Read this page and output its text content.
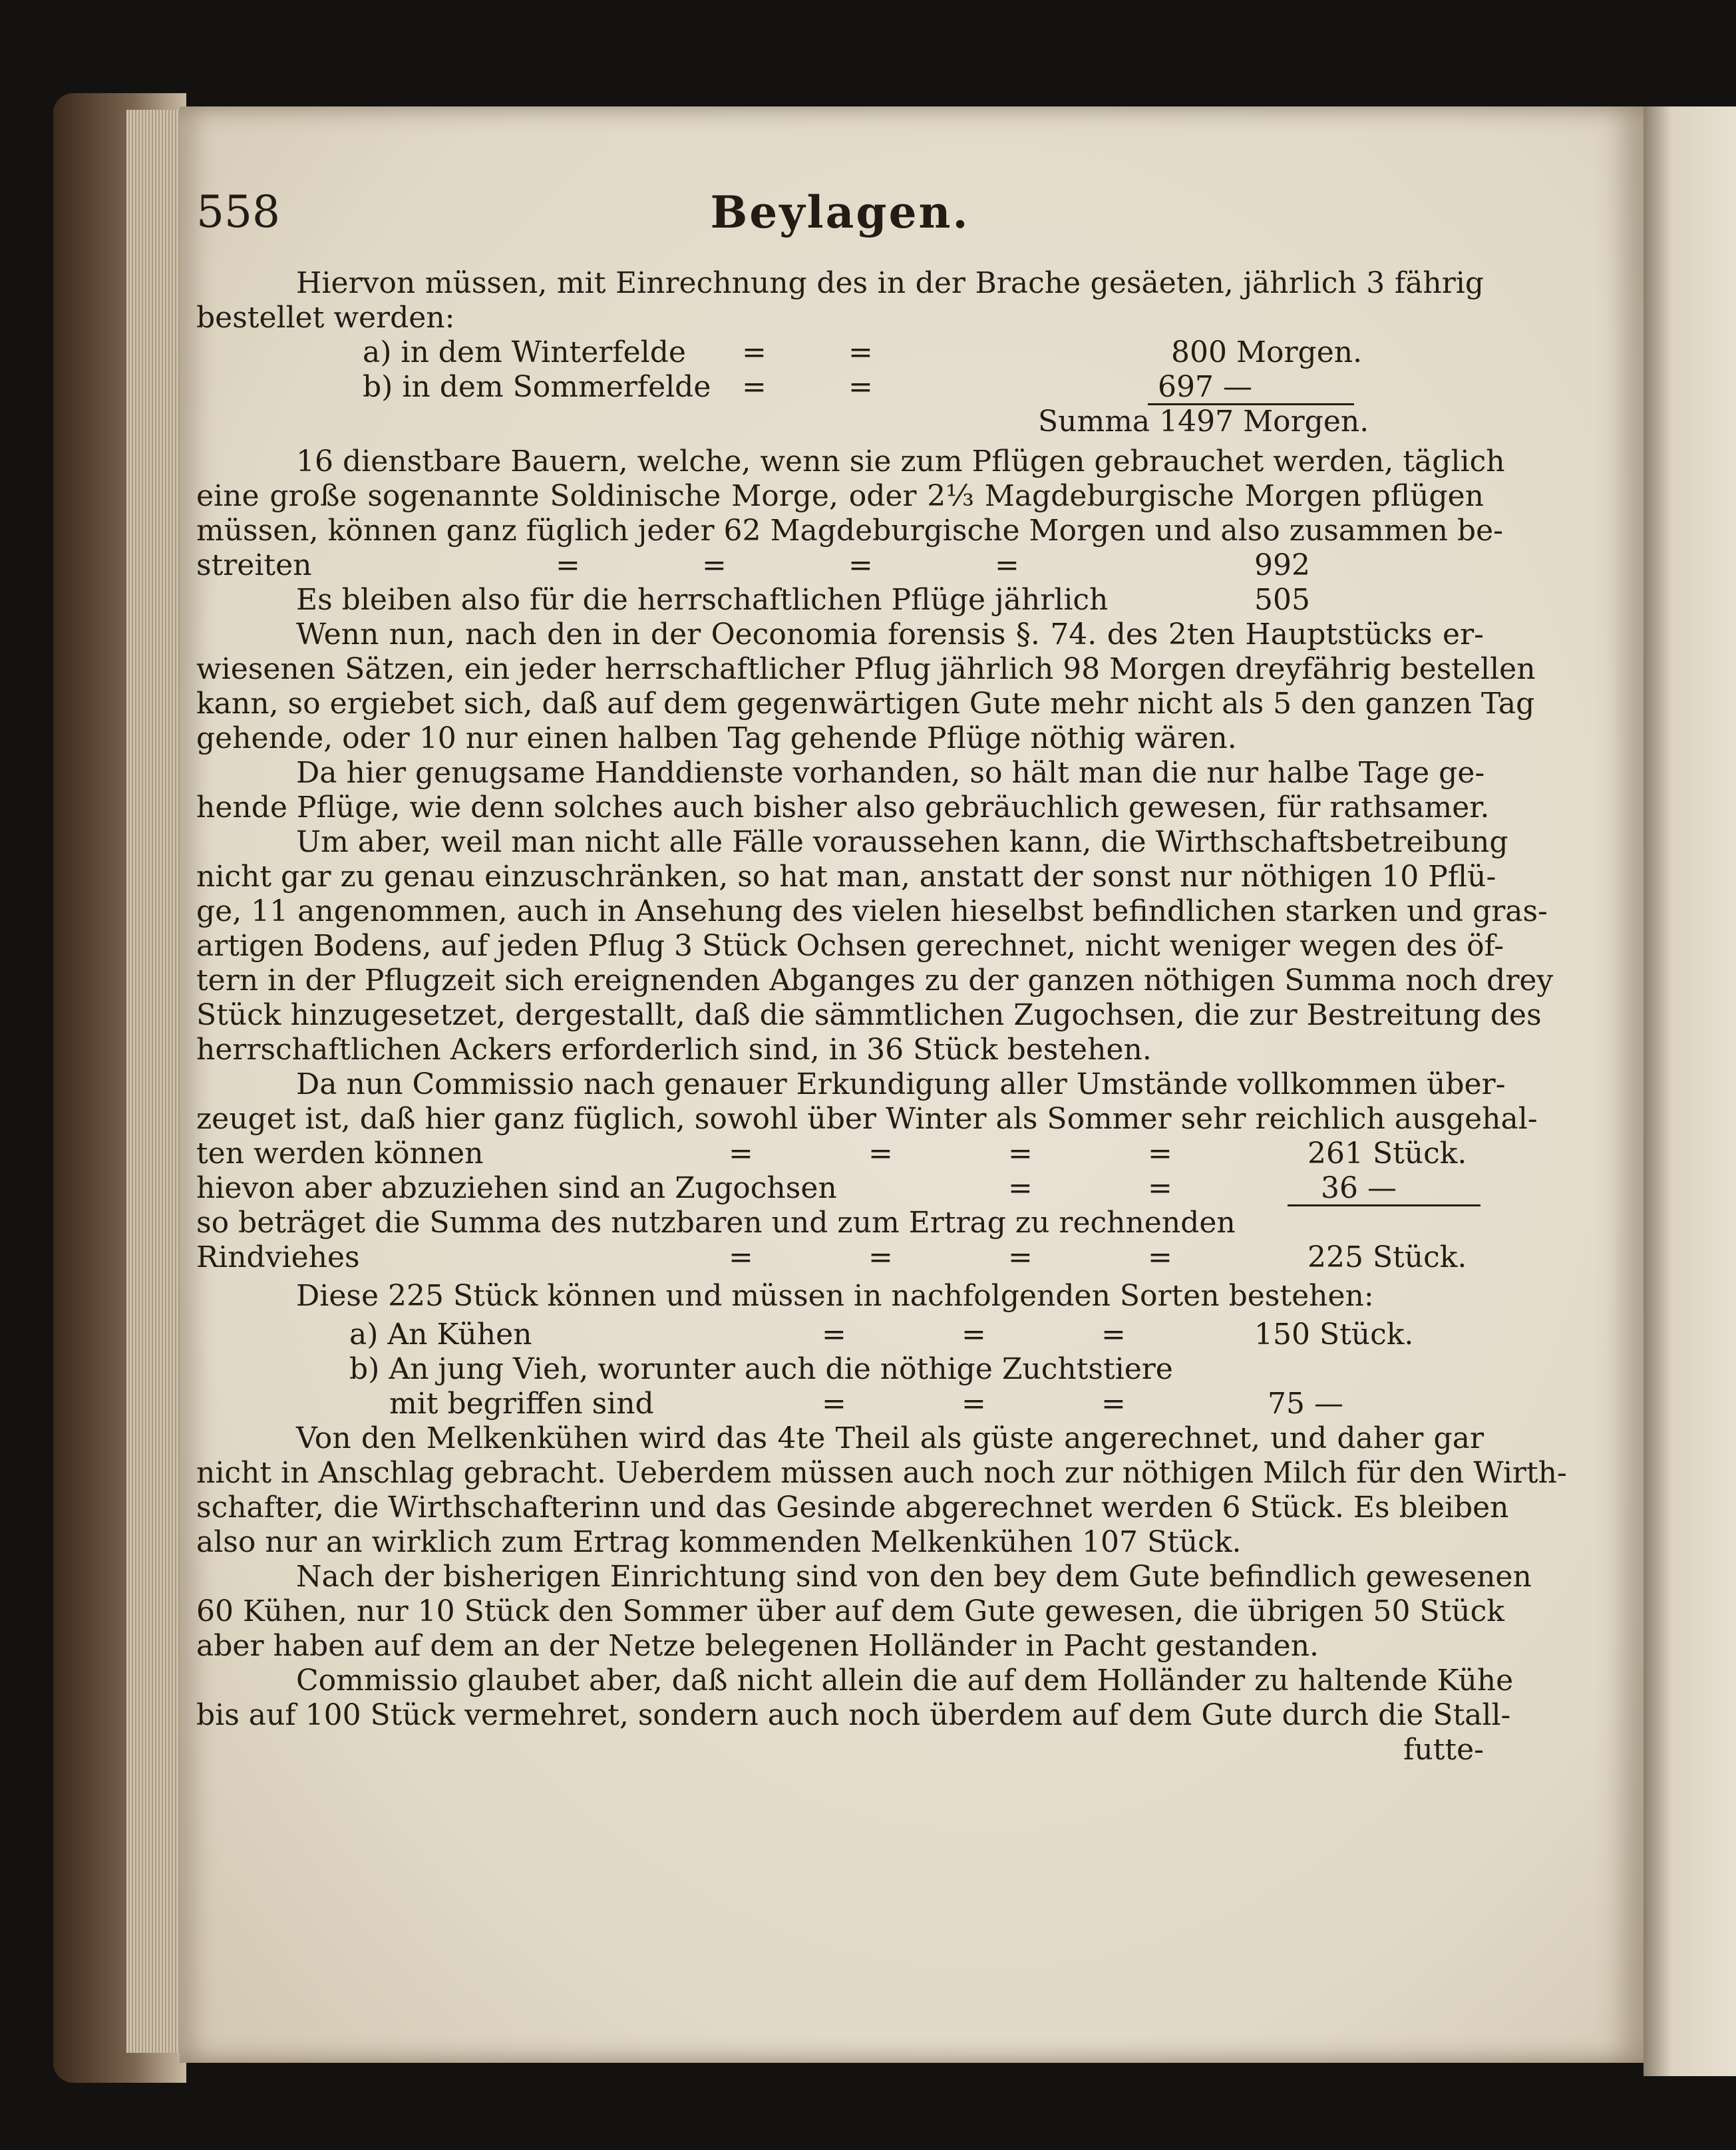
558	Beylagen.
Hiervon müssen, mit Einrechnung des in der Brache gesäeten, jährlich 3 fährig
bestellet werden:
a) in dem Winterfelde =	=	800 Morgen.
b) in dem Sommerfelde =	=	697 —
Summa 1497 Morgen.
16 dienstbare Bauern, welche, wenn sie zum Pflügen gebrauchet werden, täglich
eine große sogenannte Soldinische Morge, oder 2⅓ Magdeburgische Morgen pflügen
müssen, können ganz füglich jeder 62 Magdeburgische Morgen und also zusammen be-
streiten	=	=	=	=	992
Es bleiben also für die herrschaftlichen Pflüge jährlich	505
Wenn nun, nach den in der Oeconomia forensis §. 74. des 2ten Hauptstücks er-
wiesenen Sätzen, ein jeder herrschaftlicher Pflug jährlich 98 Morgen dreyfährig bestellen
kann, so ergiebet sich, daß auf dem gegenwärtigen Gute mehr nicht als 5 den ganzen Tag
gehende, oder 10 nur einen halben Tag gehende Pflüge nöthig wären.
Da hier genugsame Handdienste vorhanden, so hält man die nur halbe Tage ge-
hende Pflüge, wie denn solches auch bisher also gebräuchlich gewesen, für rathsamer.
Um aber, weil man nicht alle Fälle voraussehen kann, die Wirthschaftsbetreibung
nicht gar zu genau einzuschränken, so hat man, anstatt der sonst nur nöthigen 10 Pflü-
ge, 11 angenommen, auch in Ansehung des vielen hieselbst befindlichen starken und gras-
artigen Bodens, auf jeden Pflug 3 Stück Ochsen gerechnet, nicht weniger wegen des öf-
tern in der Pflugzeit sich ereignenden Abganges zu der ganzen nöthigen Summa noch drey
Stück hinzugesetzet, dergestallt, daß die sämmtlichen Zugochsen, die zur Bestreitung des
herrschaftlichen Ackers erforderlich sind, in 36 Stück bestehen.
Da nun Commissio nach genauer Erkundigung aller Umstände vollkommen über-
zeuget ist, daß hier ganz füglich, sowohl über Winter als Sommer sehr reichlich ausgehal-
ten werden können	=	=	=	=	261 Stück.
hievon aber abzuziehen sind an Zugochsen	=	=	36 —
so beträget die Summa des nutzbaren und zum Ertrag zu rechnenden
Rindviehes	=	=	=	=	225 Stück.
Diese 225 Stück können und müssen in nachfolgenden Sorten bestehen:
a) An Kühen	=	=	=	150 Stück.
b) An jung Vieh, worunter auch die nöthige Zuchtstiere
mit begriffen sind	=	=	=	75 —
Von den Melkenkühen wird das 4te Theil als güste angerechnet, und daher gar
nicht in Anschlag gebracht. Ueberdem müssen auch noch zur nöthigen Milch für den Wirth-
schafter, die Wirthschafterinn und das Gesinde abgerechnet werden 6 Stück. Es bleiben
also nur an wirklich zum Ertrag kommenden Melkenkühen 107 Stück.
Nach der bisherigen Einrichtung sind von den bey dem Gute befindlich gewesenen
60 Kühen, nur 10 Stück den Sommer über auf dem Gute gewesen, die übrigen 50 Stück
aber haben auf dem an der Netze belegenen Holländer in Pacht gestanden.
Commissio glaubet aber, daß nicht allein die auf dem Holländer zu haltende Kühe
bis auf 100 Stück vermehret, sondern auch noch überdem auf dem Gute durch die Stall-
futte-
